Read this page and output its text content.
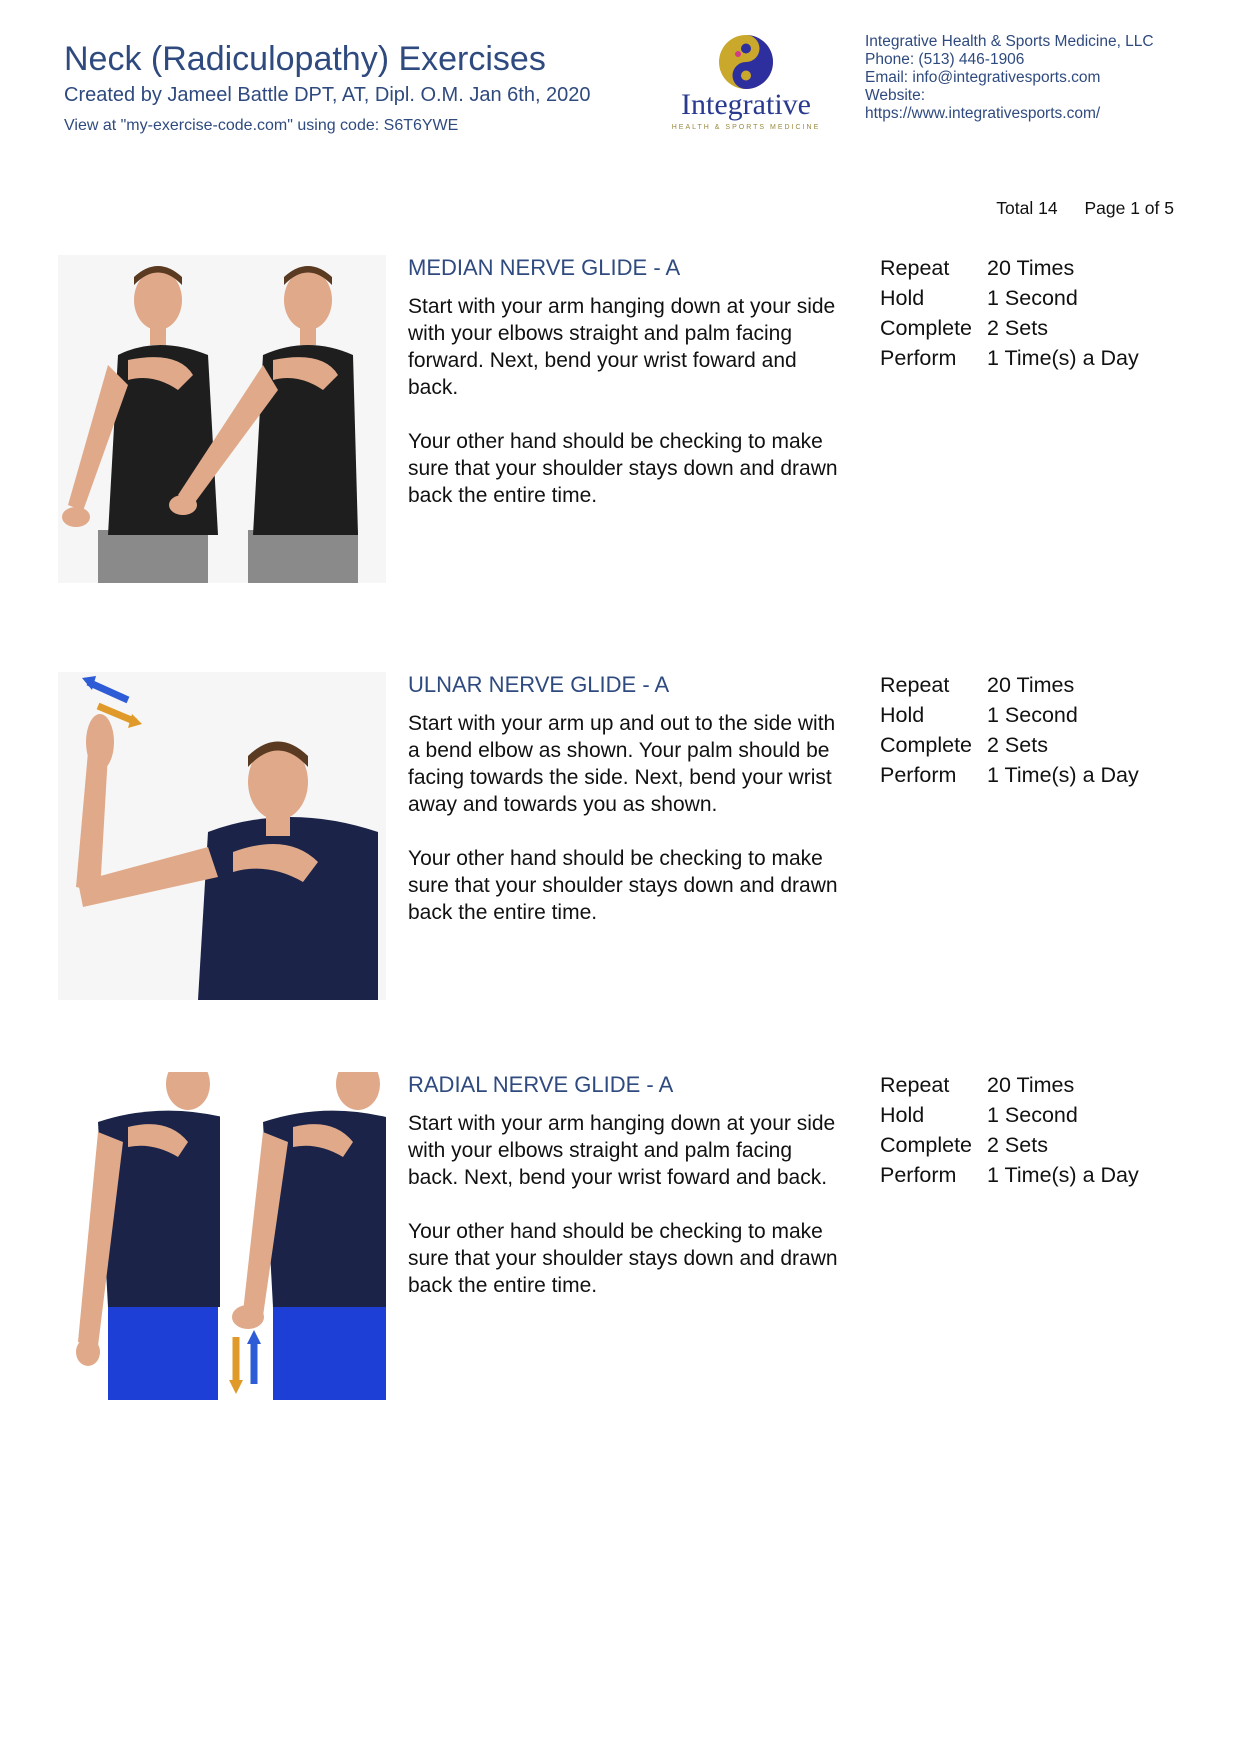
Neck (Radiculopathy) Exercises
Created by Jameel Battle DPT, AT, Dipl. O.M. Jan 6th, 2020
View at "my-exercise-code.com" using code: S6T6YWE
Integrative
HEALTH & SPORTS MEDICINE
Integrative Health & Sports Medicine, LLC
Phone: (513) 446-1906
Email: info@integrativesports.com
Website:
https://www.integrativesports.com/
Total 14 Page 1 of 5
MEDIAN NERVE GLIDE - A

Start with your arm hanging down at your side with your elbows straight and palm facing forward. Next, bend your wrist foward and back.

Your other hand should be checking to make sure that your shoulder stays down and drawn back the entire time.

Repeat	20 Times
Hold	1 Second
Complete 2 Sets
Perform	1 Time(s) a Day
ULNAR NERVE GLIDE - A

Start with your arm up and out to the side with a bend elbow as shown. Your palm should be facing towards the side. Next, bend your wrist away and towards you as shown.

Your other hand should be checking to make sure that your shoulder stays down and drawn back the entire time.

Repeat	20 Times
Hold	1 Second
Complete 2 Sets
Perform	1 Time(s) a Day
RADIAL NERVE GLIDE - A

Start with your arm hanging down at your side with your elbows straight and palm facing back. Next, bend your wrist foward and back.

Your other hand should be checking to make sure that your shoulder stays down and drawn back the entire time.

Repeat	20 Times
Hold	1 Second
Complete 2 Sets
Perform	1 Time(s) a Day
